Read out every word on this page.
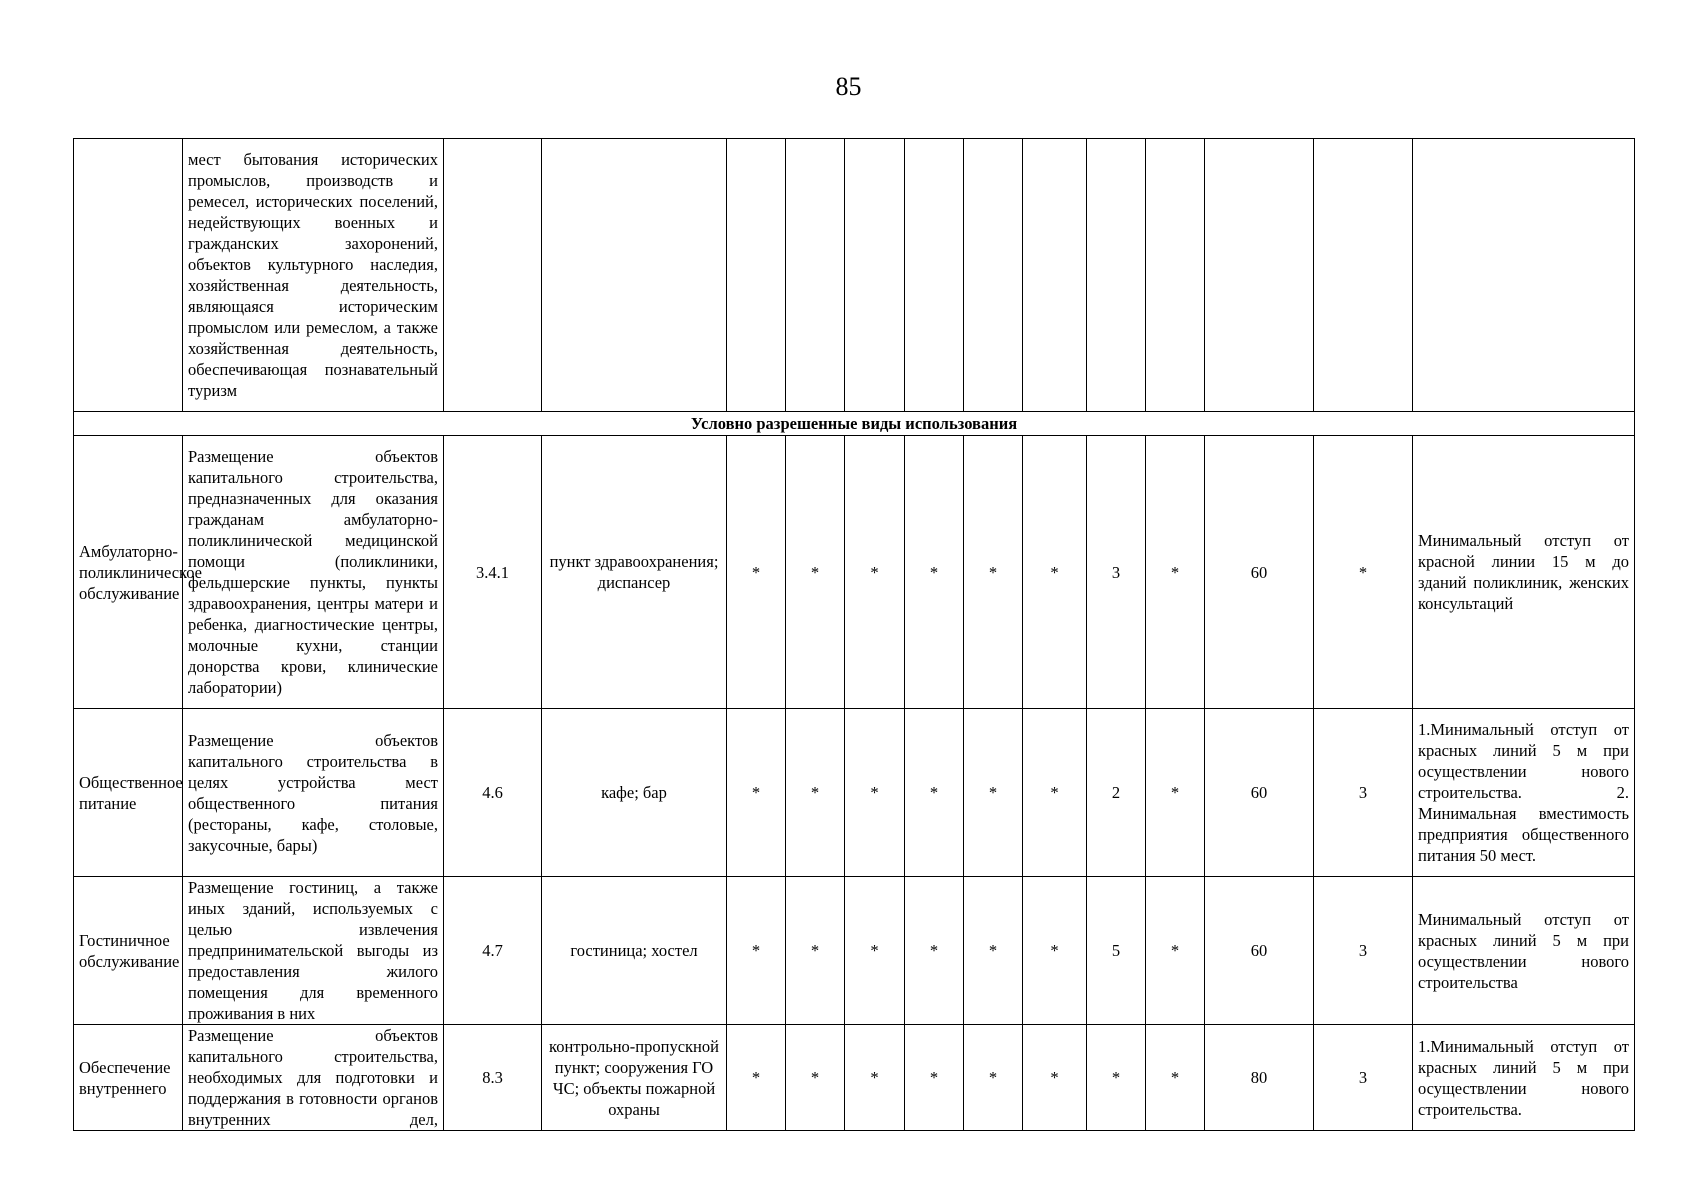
85
	мест бытования исторических промыслов, производств и ремесел, исторических поселений, недействующих военных и гражданских захоронений, объектов культурного наследия, хозяйственная деятельность, являющаяся историческим промыслом или ремеслом, а также хозяйственная деятельность, обеспечивающая познавательный туризм													
Условно разрешенные виды использования														
Амбулаторно-поликлиническое обслуживание	Размещение объектов капитального строительства, предназначенных для оказания гражданам амбулаторно-поликлинической медицинской помощи (поликлиники, фельдшерские пункты, пункты здравоохранения, центры матери и ребенка, диагностические центры, молочные кухни, станции донорства крови, клинические лаборатории)	3.4.1	пункт здравоохранения; диспансер	*	*	*	*	*	*	3	*	60	*	Минимальный отступ от красной линии 15 м до зданий поликлиник, женских консультаций
Общественное питание	Размещение объектов капитального строительства в целях устройства мест общественного питания (рестораны, кафе, столовые, закусочные, бары)	4.6	кафе; бар	*	*	*	*	*	*	2	*	60	3	1.Минимальный отступ от красных линий 5 м при осуществлении нового строительства. 2. Минимальная вместимость предприятия общественного питания 50 мест.
Гостиничное обслуживание	Размещение гостиниц, а также иных зданий, используемых с целью извлечения предпринимательской выгоды из предоставления жилого помещения для временного проживания в них	4.7	гостиница; хостел	*	*	*	*	*	*	5	*	60	3	Минимальный отступ от красных линий 5 м при осуществлении нового строительства
Обеспечение внутреннего	Размещение объектов капитального строительства, необходимых для подготовки и поддержания в готовности органов внутренних дел,	8.3	контрольно-пропускной пункт; сооружения ГО ЧС; объекты пожарной охраны	*	*	*	*	*	*	*	*	80	3	1.Минимальный отступ от красных линий 5 м при осуществлении нового строительства.
